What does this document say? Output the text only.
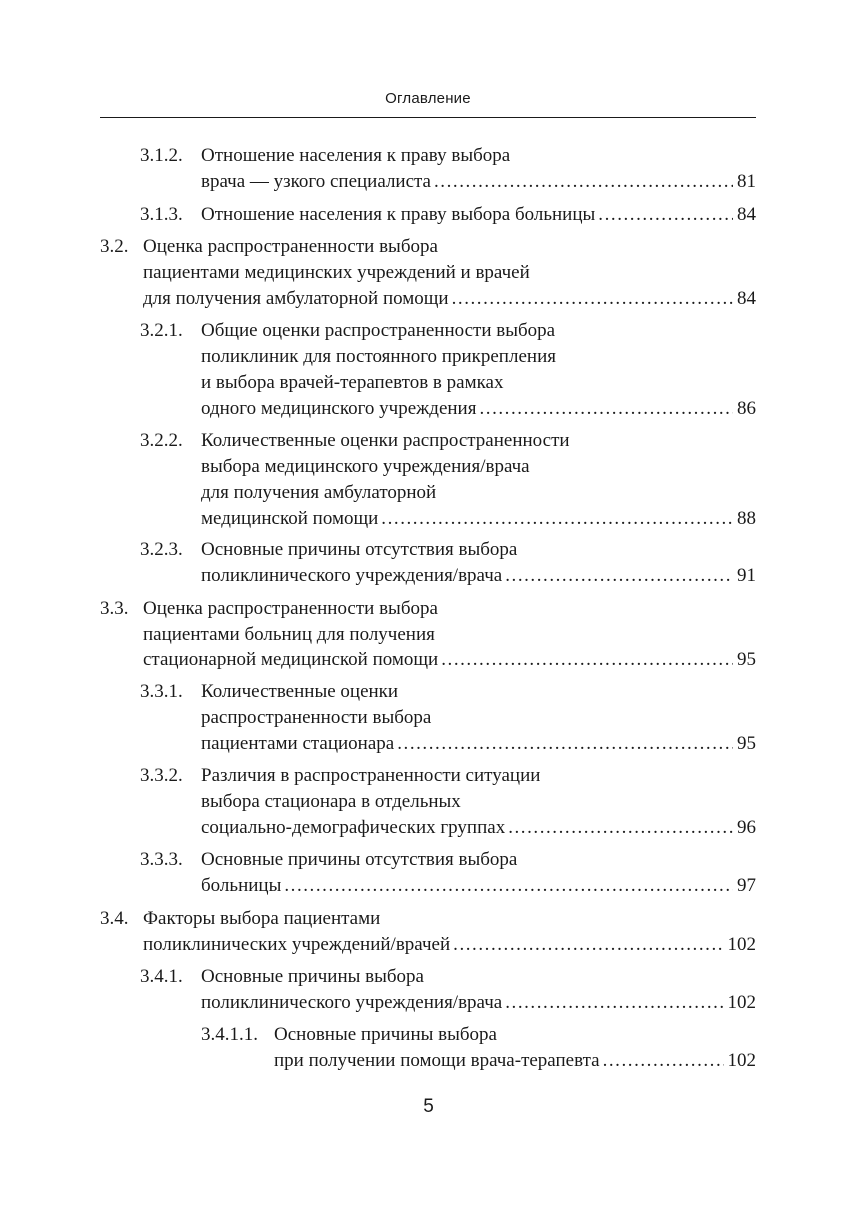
Оглавление
3.1.2. Отношение населения к праву выбора
врача — узкого специалиста . . .	81
3.1.3. Отношение населения к праву выбора больницы . . .	84
3.2. Оценка распространенности выбора
пациентами медицинских учреждений и врачей
для получения амбулаторной помощи . . .	84
3.2.1. Общие оценки распространенности выбора
поликлиник для постоянного прикрепления
и выбора врачей-терапевтов в рамках
одного медицинского учреждения . . .	86
3.2.2. Количественные оценки распространенности
выбора медицинского учреждения/врача
для получения амбулаторной
медицинской помощи . . .	88
3.2.3. Основные причины отсутствия выбора
поликлинического учреждения/врача . . .	91
3.3. Оценка распространенности выбора
пациентами больниц для получения
стационарной медицинской помощи . . .	95
3.3.1. Количественные оценки
распространенности выбора
пациентами стационара . . .	95
3.3.2. Различия в распространенности ситуации
выбора стационара в отдельных
социально-демографических группах . . .	96
3.3.3. Основные причины отсутствия выбора
больницы . . .	97
3.4. Факторы выбора пациентами
поликлинических учреждений/врачей . . .	102
3.4.1. Основные причины выбора
поликлинического учреждения/врача . . .	102
3.4.1.1. Основные причины выбора
при получении помощи врача-терапевта . . .	102
5
